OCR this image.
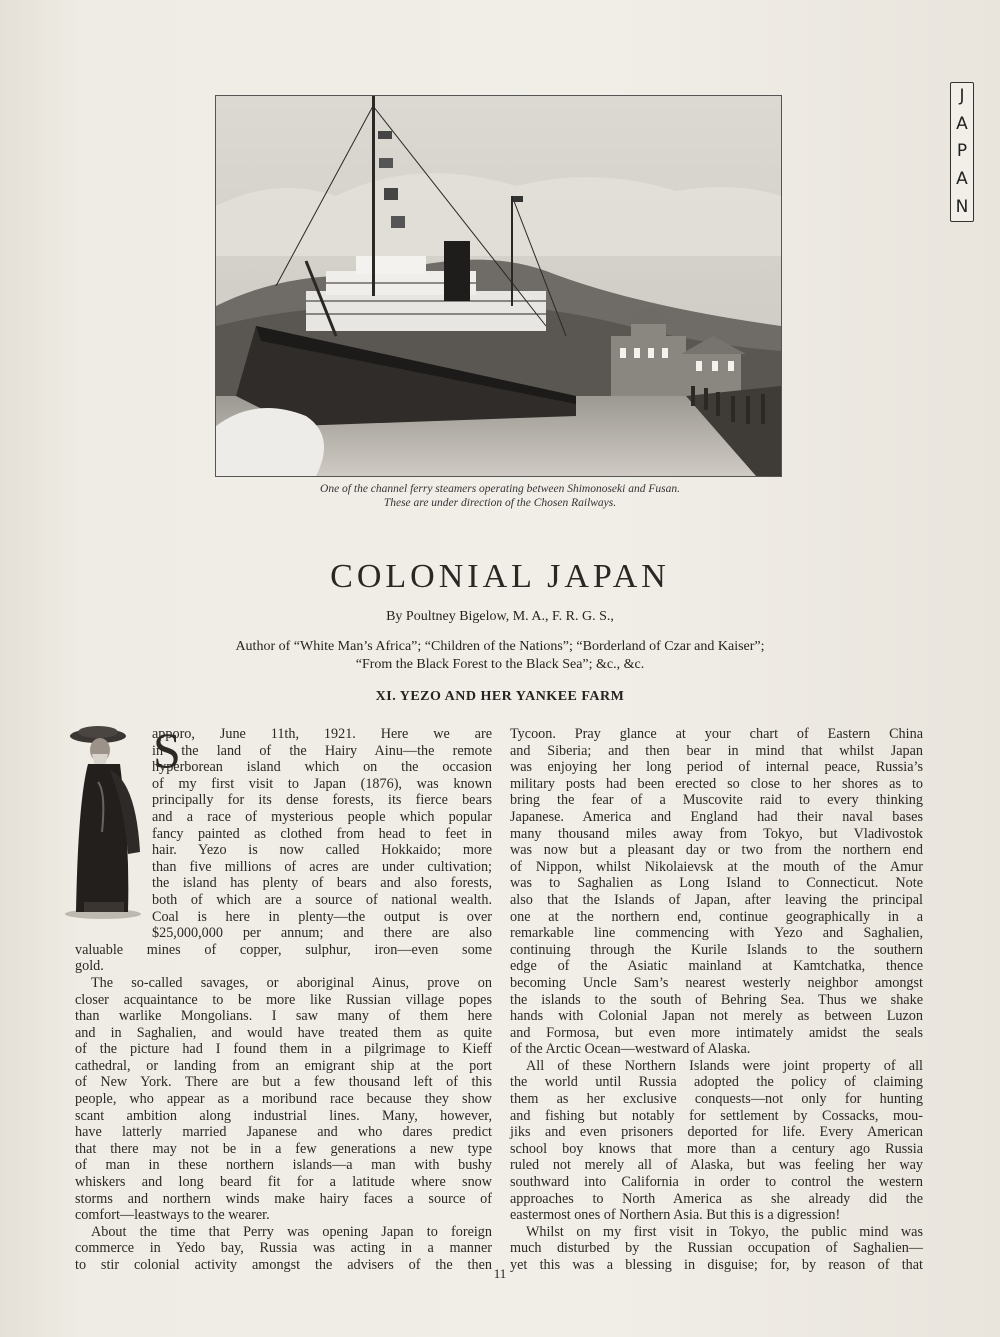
J
A
P
A
N
One of the channel ferry steamers operating between Shimonoseki and Fusan.
These are under direction of the Chosen Railways.
COLONIAL JAPAN
By Poultney Bigelow, M. A., F. R. G. S.,
Author of “White Man’s Africa”; “Children of the Nations”; “Borderland of Czar and Kaiser”;
“From the Black Forest to the Black Sea”; &c., &c.
XI. YEZO AND HER YANKEE FARM
S
apporo, June 11th, 1921. Here we are
in the land of the Hairy Ainu—the remote
hyperborean island which on the occasion
of my first visit to Japan (1876), was known
principally for its dense forests, its fierce bears
and a race of mysterious people which popular
fancy painted as clothed from head to feet in
hair. Yezo is now called Hokkaido; more
than five millions of acres are under cultivation;
the island has plenty of bears and also forests,
both of which are a source of national wealth.
Coal is here in plenty—the output is over
$25,000,000 per annum; and there are also
valuable mines of copper, sulphur, iron—even some
gold.
The so-called savages, or aboriginal Ainus, prove on
closer acquaintance to be more like Russian village popes
than warlike Mongolians. I saw many of them here
and in Saghalien, and would have treated them as quite
of the picture had I found them in a pilgrimage to Kieff
cathedral, or landing from an emigrant ship at the port
of New York. There are but a few thousand left of this
people, who appear as a moribund race because they show
scant ambition along industrial lines. Many, however,
have latterly married Japanese and who dares predict
that there may not be in a few generations a new type
of man in these northern islands—a man with bushy
whiskers and long beard fit for a latitude where snow
storms and northern winds make hairy faces a source of
comfort—leastways to the wearer.
About the time that Perry was opening Japan to foreign
commerce in Yedo bay, Russia was acting in a manner
to stir colonial activity amongst the advisers of the then
Tycoon. Pray glance at your chart of Eastern China
and Siberia; and then bear in mind that whilst Japan
was enjoying her long period of internal peace, Russia’s
military posts had been erected so close to her shores as to
bring the fear of a Muscovite raid to every thinking
Japanese. America and England had their naval bases
many thousand miles away from Tokyo, but Vladivostok
was now but a pleasant day or two from the northern end
of Nippon, whilst Nikolaievsk at the mouth of the Amur
was to Saghalien as Long Island to Connecticut. Note
also that the Islands of Japan, after leaving the principal
one at the northern end, continue geographically in a
remarkable line commencing with Yezo and Saghalien,
continuing through the Kurile Islands to the southern
edge of the Asiatic mainland at Kamtchatka, thence
becoming Uncle Sam’s nearest westerly neighbor amongst
the islands to the south of Behring Sea. Thus we shake
hands with Colonial Japan not merely as between Luzon
and Formosa, but even more intimately amidst the seals
of the Arctic Ocean—westward of Alaska.
All of these Northern Islands were joint property of all
the world until Russia adopted the policy of claiming
them as her exclusive conquests—not only for hunting
and fishing but notably for settlement by Cossacks, mou-
jiks and even prisoners deported for life. Every American
school boy knows that more than a century ago Russia
ruled not merely all of Alaska, but was feeling her way
southward into California in order to control the western
approaches to North America as she already did the
eastermost ones of Northern Asia. But this is a digression!
Whilst on my first visit in Tokyo, the public mind was
much disturbed by the Russian occupation of Saghalien—
yet this was a blessing in disguise; for, by reason of that
11
